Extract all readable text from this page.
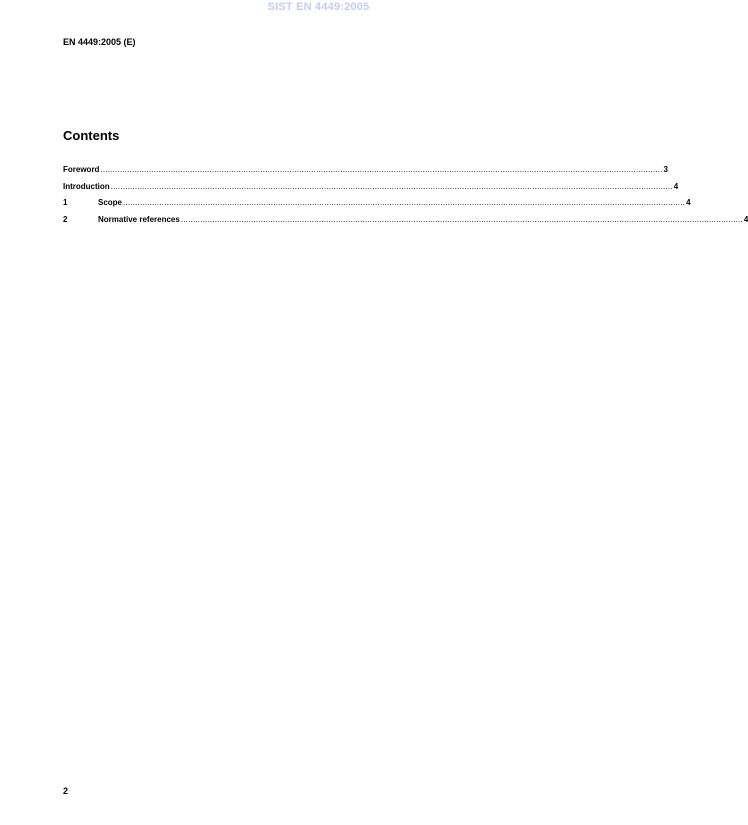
SIST EN 4449:2005
EN 4449:2005 (E)
Contents
Foreword ........................................................................................................................................................................................................................................ 3
Introduction ........................................................................................................................................................................................................................................ 4
1	Scope ........................................................................................................................................................................................................................................ 4
2	Normative references ........................................................................................................................................................................................................................................ 4
2
